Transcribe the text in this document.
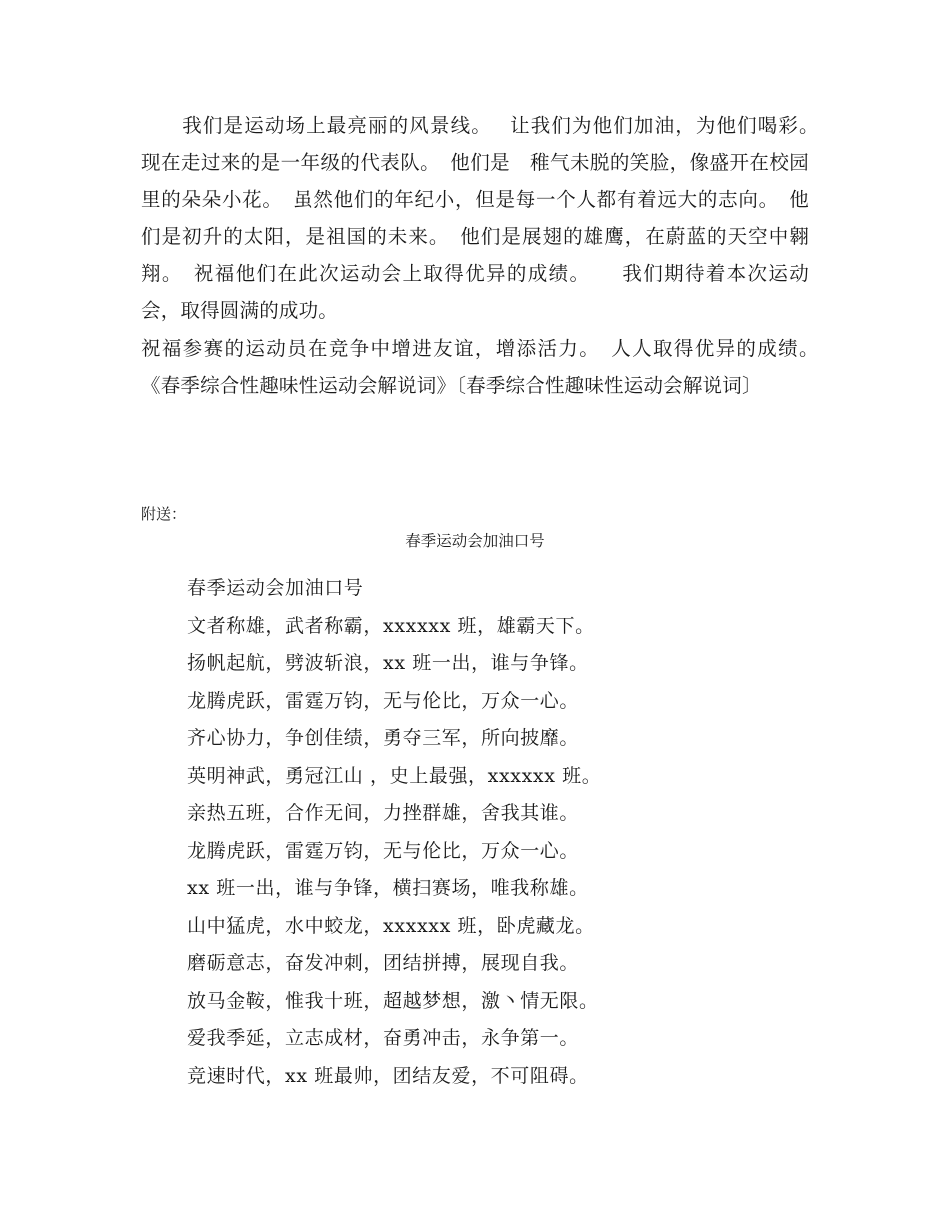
　　我们是运动场上最亮丽的风景线。　 让我们为他们加油，为他们喝彩。　　现在走过来的是一年级的代表队。　他们是　稚气未脱的笑脸，像盛开在校园里的朵朵小花。　虽然他们的年纪小，但是每一个人都有着远大的志向。　他们是初升的太阳，是祖国的未来。　他们是展翅的雄鹰，在蔚蓝的天空中翱翔。　祝福他们在此次运动会上取得优异的成绩。　　我们期待着本次运动会，取得圆满的成功。
祝福参赛的运动员在竞争中增进友谊，增添活力。　人人取得优异的成绩。　《春季综合性趣味性运动会解说词》〔春季综合性趣味性运动会解说词〕

附送：

春季运动会加油口号

春季运动会加油口号
文者称雄，武者称霸，xxxxxx 班，雄霸天下。
扬帆起航，劈波斩浪，xx 班一出，谁与争锋。
龙腾虎跃，雷霆万钧，无与伦比，万众一心。
齐心协力，争创佳绩，勇夺三军，所向披靡。
英明神武，勇冠江山 ，史上最强，xxxxxx 班。
亲热五班，合作无间，力挫群雄，舍我其谁。
龙腾虎跃，雷霆万钧，无与伦比，万众一心。
xx 班一出，谁与争锋，横扫赛场，唯我称雄。
山中猛虎，水中蛟龙，xxxxxx 班，卧虎藏龙。
磨砺意志，奋发冲刺，团结拼搏，展现自我。
放马金鞍，惟我十班，超越梦想，激丶情无限。
爱我季延，立志成材，奋勇冲击，永争第一。
竞速时代，xx 班最帅，团结友爱，不可阻碍。
